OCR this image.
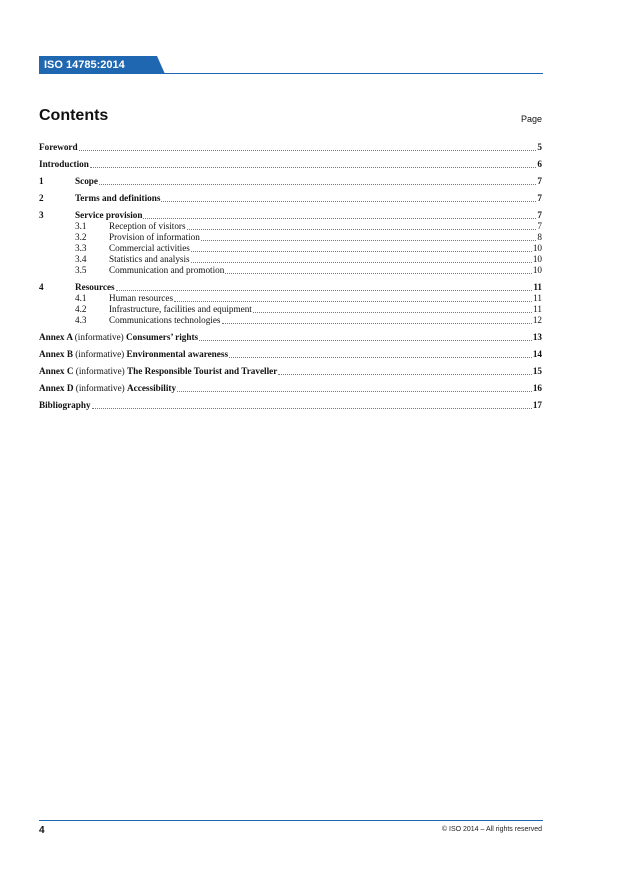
ISO 14785:2014
Contents	Page
Foreword	5
Introduction	6
1	Scope	7
2	Terms and definitions	7
3	Service provision	7
3.1	Reception of visitors	7
3.2	Provision of information	8
3.3	Commercial activities	10
3.4	Statistics and analysis	10
3.5	Communication and promotion	10
4	Resources	11
4.1	Human resources	11
4.2	Infrastructure, facilities and equipment	11
4.3	Communications technologies	12
Annex A (informative) Consumers’ rights	13
Annex B (informative) Environmental awareness	14
Annex C (informative) The Responsible Tourist and Traveller	15
Annex D (informative) Accessibility	16
Bibliography	17
4	© ISO 2014 – All rights reserved
